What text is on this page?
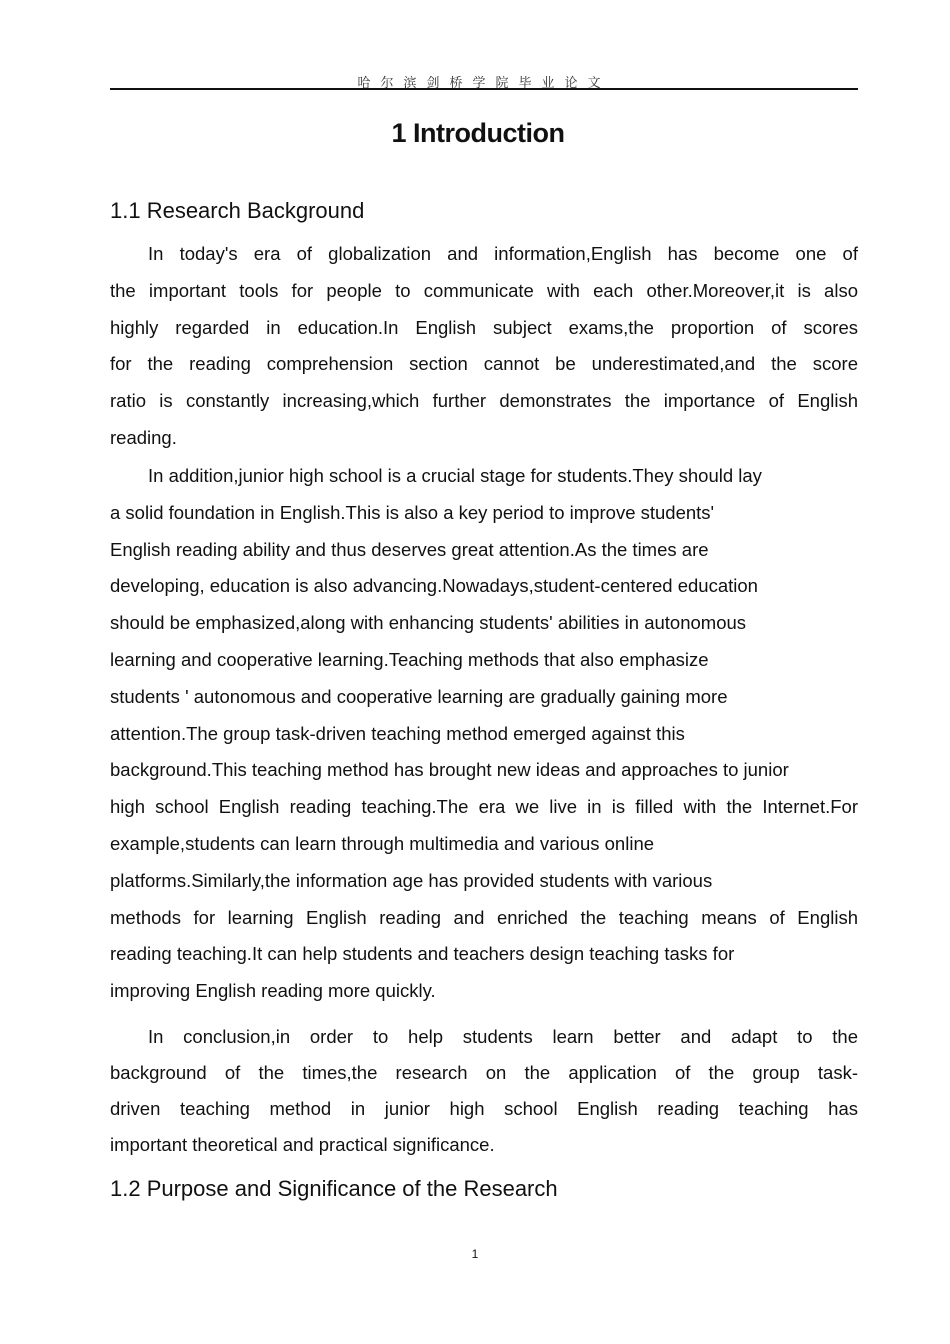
哈尔滨剑桥学院毕业论文
1 Introduction
1.1 Research Background
In today's era of globalization and information,English has become one of
the important tools for people to communicate with each other.Moreover,it is also
highly regarded in education.In English subject exams,the proportion of scores
for the reading comprehension section cannot be underestimated,and the score
ratio is constantly increasing,which further demonstrates the importance of English
reading.
In addition,junior high school is a crucial stage for students.They should lay
a solid foundation in English.This is also a key period to improve students'
English reading ability and thus deserves great attention.As the times are
developing, education is also advancing.Nowadays,student-centered education
should be emphasized,along with enhancing students' abilities in autonomous
learning and cooperative learning.Teaching methods that also emphasize
students ' autonomous and cooperative learning are gradually gaining more
attention.The group task-driven teaching method emerged against this
background.This teaching method has brought new ideas and approaches to junior
high school English reading teaching.The era we live in is filled with the Internet.For
example,students can learn through multimedia and various online
platforms.Similarly,the information age has provided students with various
methods for learning English reading and enriched the teaching means of English
reading teaching.It can help students and teachers design teaching tasks for
improving English reading more quickly.
In conclusion,in order to help students learn better and adapt to the
background of the times,the research on the application of the group task-
driven teaching method in junior high school English reading teaching has
important theoretical and practical significance.
1.2 Purpose and Significance of the Research
1
